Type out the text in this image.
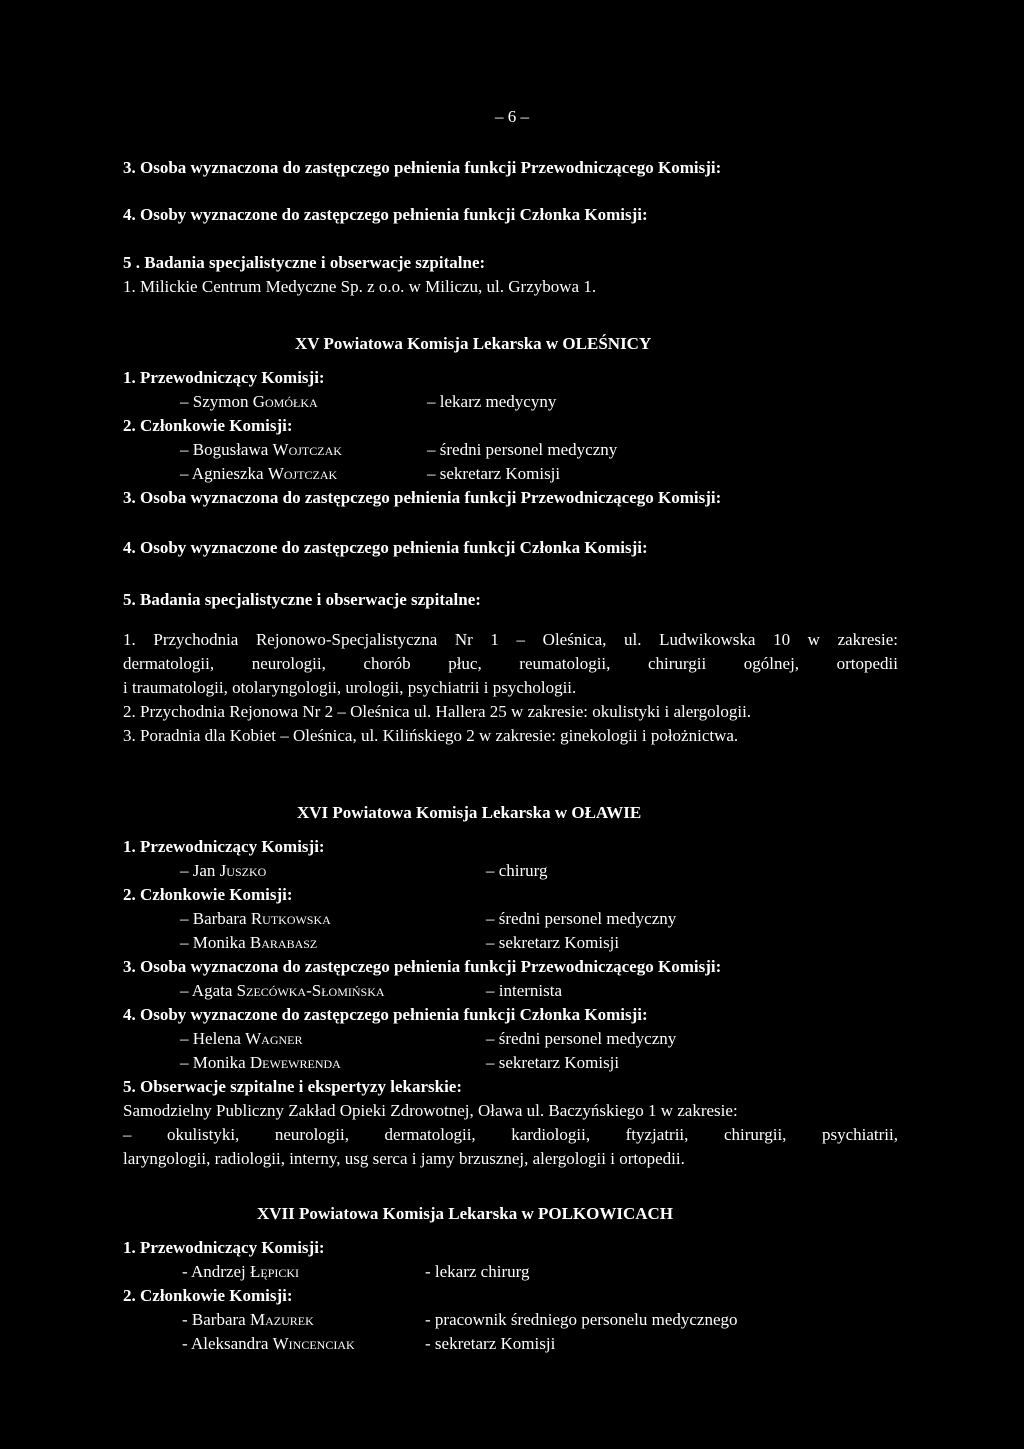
– 6 –
3. Osoba wyznaczona do zastępczego pełnienia funkcji Przewodniczącego Komisji:
4. Osoby wyznaczone do zastępczego pełnienia funkcji Członka Komisji:
5 . Badania specjalistyczne i obserwacje szpitalne:
1. Milickie Centrum Medyczne Sp. z o.o. w Miliczu, ul. Grzybowa 1.
XV Powiatowa Komisja Lekarska w OLEŚNICY
1. Przewodniczący Komisji:
– Szymon Gomółka	– lekarz medycyny
2. Członkowie Komisji:
– Bogusława Wojtczak	– średni personel medyczny
– Agnieszka Wojtczak	– sekretarz Komisji
3. Osoba wyznaczona do zastępczego pełnienia funkcji Przewodniczącego Komisji:
4. Osoby wyznaczone do zastępczego pełnienia funkcji Członka Komisji:
5. Badania specjalistyczne i obserwacje szpitalne:
1. Przychodnia Rejonowo-Specjalistyczna Nr 1 – Oleśnica, ul. Ludwikowska 10 w zakresie:
dermatologii, neurologii, chorób płuc, reumatologii, chirurgii ogólnej, ortopedii
i traumatologii, otolaryngologii, urologii, psychiatrii i psychologii.
2. Przychodnia Rejonowa Nr 2 – Oleśnica ul. Hallera 25 w zakresie: okulistyki i alergologii.
3. Poradnia dla Kobiet – Oleśnica, ul. Kilińskiego 2 w zakresie: ginekologii i położnictwa.
XVI Powiatowa Komisja Lekarska w OŁAWIE
1. Przewodniczący Komisji:
– Jan Juszko	– chirurg
2. Członkowie Komisji:
– Barbara Rutkowska	– średni personel medyczny
– Monika Barabasz	– sekretarz Komisji
3. Osoba wyznaczona do zastępczego pełnienia funkcji Przewodniczącego Komisji:
– Agata Szecówka-Słomińska	– internista
4. Osoby wyznaczone do zastępczego pełnienia funkcji Członka Komisji:
– Helena Wagner	– średni personel medyczny
– Monika Dewewrenda	– sekretarz Komisji
5. Obserwacje szpitalne i ekspertyzy lekarskie:
Samodzielny Publiczny Zakład Opieki Zdrowotnej, Oława ul. Baczyńskiego 1 w zakresie:
– okulistyki, neurologii, dermatologii, kardiologii, ftyzjatrii, chirurgii, psychiatrii,
laryngologii, radiologii, interny, usg serca i jamy brzusznej, alergologii i ortopedii.
XVII Powiatowa Komisja Lekarska w POLKOWICACH
1. Przewodniczący Komisji:
- Andrzej Łępicki	- lekarz chirurg
2. Członkowie Komisji:
- Barbara Mazurek	- pracownik średniego personelu medycznego
- Aleksandra Wincenciak	- sekretarz Komisji
